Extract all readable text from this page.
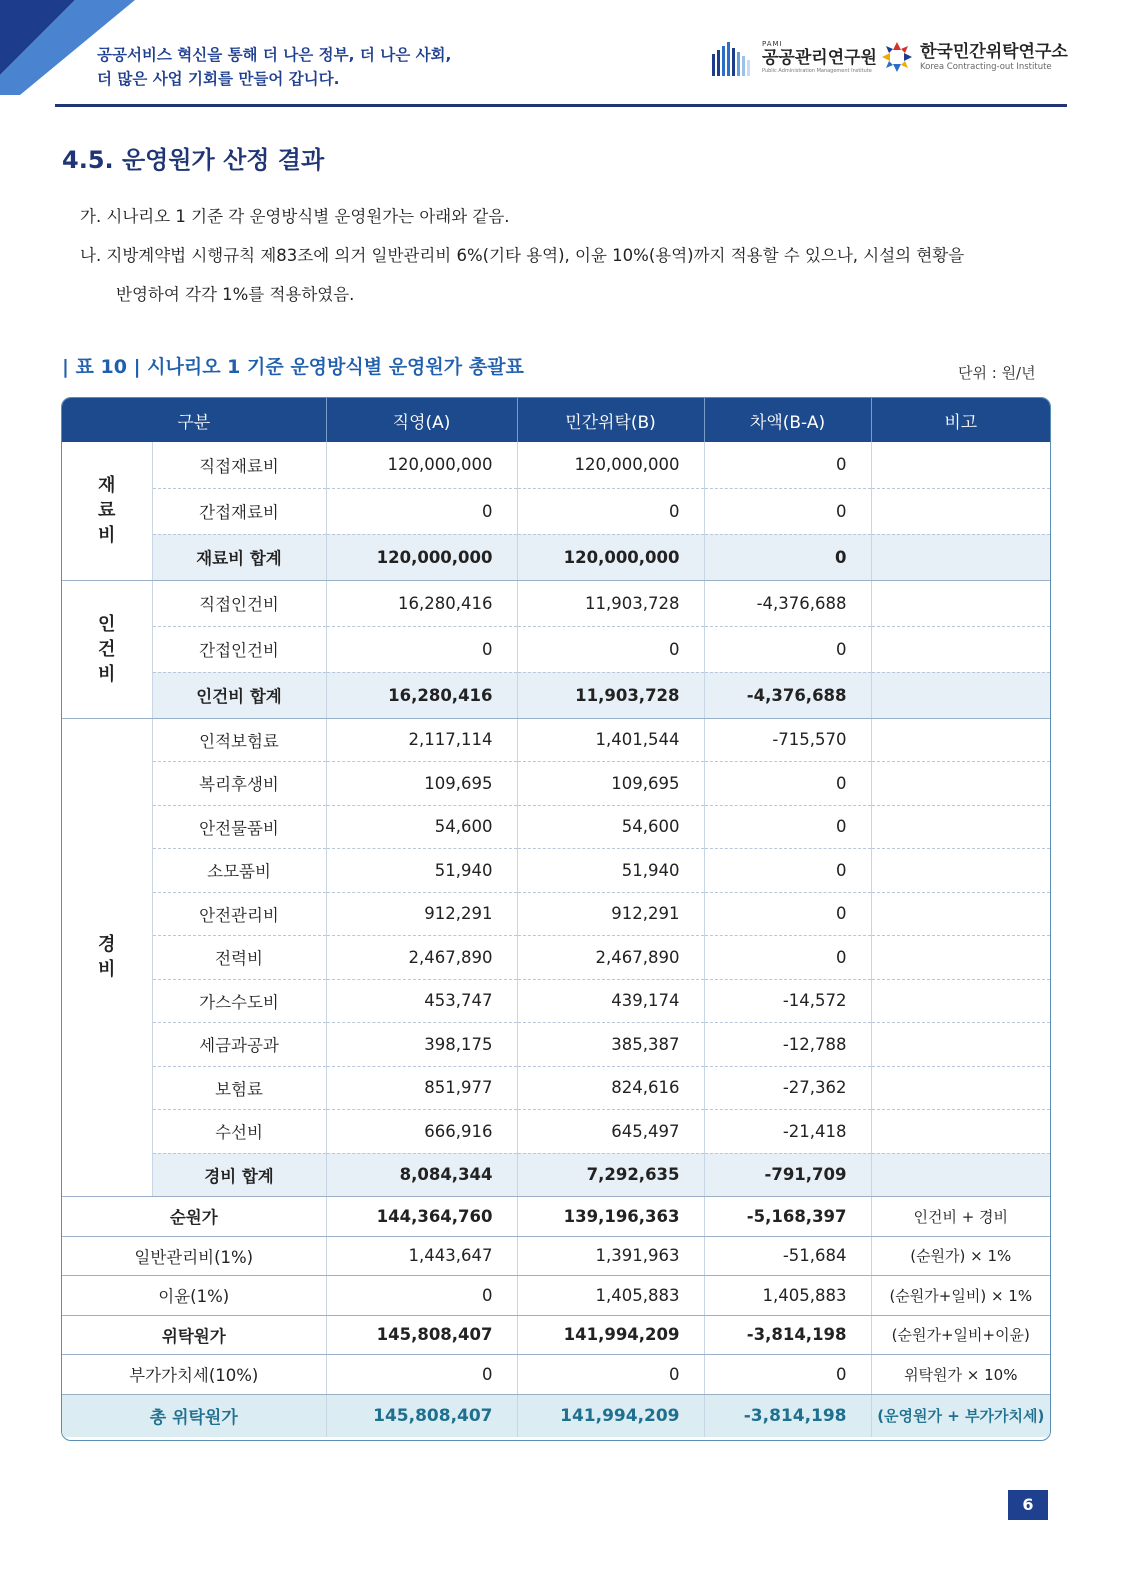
공공서비스 혁신을 통해 더 나은 정부, 더 나은 사회,
더 많은 사업 기회를 만들어 갑니다.
PAMI
공공관리연구원
Public Administration Management Institute
한국민간위탁연구소
Korea Contracting-out Institute
4.5. 운영원가 산정 결과
가. 시나리오 1 기준 각 운영방식별 운영원가는 아래와 같음.
나. 지방계약법 시행규칙 제83조에 의거 일반관리비 6%(기타 용역), 이윤 10%(용역)까지 적용할 수 있으나, 시설의 현황을
반영하여 각각 1%를 적용하였음.
| 표 10 | 시나리오 1 기준 운영방식별 운영원가 총괄표	단위 : 원/년
구분		직영(A)	민간위탁(B)	차액(B-A)	비고
재
료
비	직접재료비	120,000,000	120,000,000	0	
	간접재료비	0	0	0	
	재료비 합계	120,000,000	120,000,000	0	
인
건
비	직접인건비	16,280,416	11,903,728	-4,376,688	
	간접인건비	0	0	0	
	인건비 합계	16,280,416	11,903,728	-4,376,688	
경
비	인적보험료	2,117,114	1,401,544	-715,570	
	복리후생비	109,695	109,695	0	
	안전물품비	54,600	54,600	0	
	소모품비	51,940	51,940	0	
	안전관리비	912,291	912,291	0	
	전력비	2,467,890	2,467,890	0	
	가스수도비	453,747	439,174	-14,572	
	세금과공과	398,175	385,387	-12,788	
	보험료	851,977	824,616	-27,362	
	수선비	666,916	645,497	-21,418	
	경비 합계	8,084,344	7,292,635	-791,709	
순원가		144,364,760	139,196,363	-5,168,397	인건비 + 경비
일반관리비(1%)		1,443,647	1,391,963	-51,684	(순원가) × 1%
이윤(1%)		0	1,405,883	1,405,883	(순원가+일비) × 1%
위탁원가		145,808,407	141,994,209	-3,814,198	(순원가+일비+이윤)
부가가치세(10%)		0	0	0	위탁원가 × 10%
총 위탁원가		145,808,407	141,994,209	-3,814,198	(운영원가 + 부가가치세)
6
